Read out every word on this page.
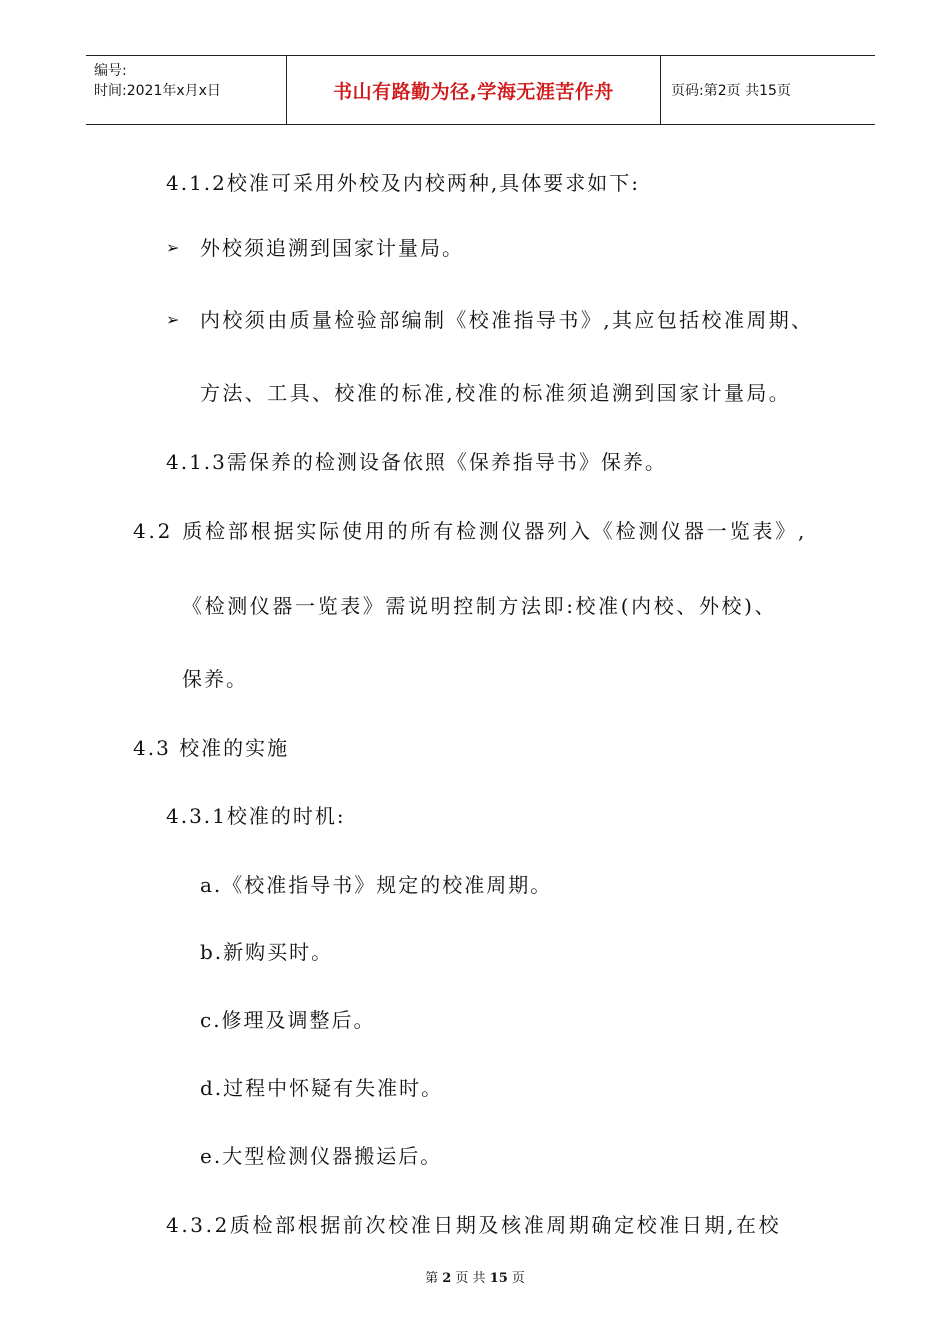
编号:
时间:2021年x月x日	书山有路勤为径,学海无涯苦作舟	页码:第2页 共15页
4.1.2校准可采用外校及内校两种,具体要求如下:
➢ 外校须追溯到国家计量局。
➢ 内校须由质量检验部编制《校准指导书》,其应包括校准周期、
方法、工具、校准的标准,校准的标准须追溯到国家计量局。
4.1.3需保养的检测设备依照《保养指导书》保养。
4.2 质检部根据实际使用的所有检测仪器列入《检测仪器一览表》,
《检测仪器一览表》需说明控制方法即:校准(内校、外校)、
保养。
4.3 校准的实施
4.3.1校准的时机:
a.《校准指导书》规定的校准周期。
b.新购买时。
c.修理及调整后。
d.过程中怀疑有失准时。
e.大型检测仪器搬运后。
4.3.2质检部根据前次校准日期及核准周期确定校准日期,在校
第 2 页 共 15 页
